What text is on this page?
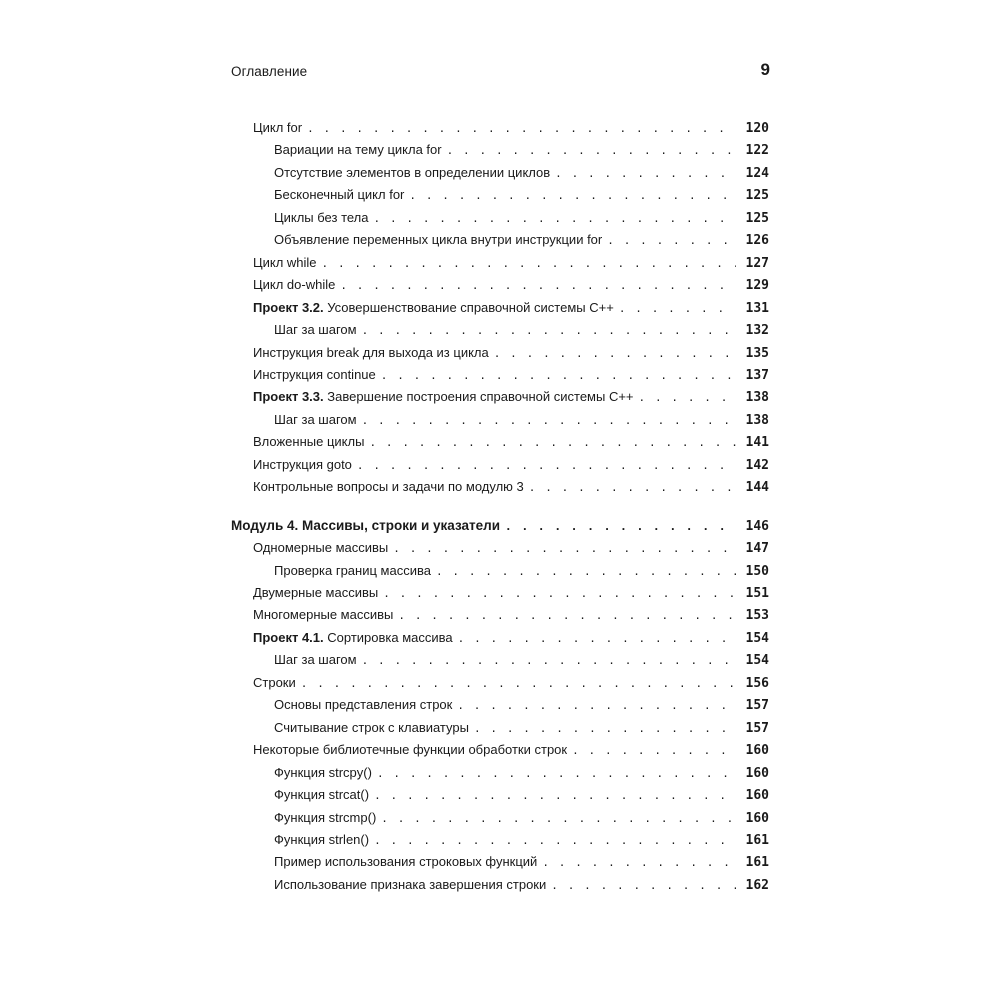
Оглавление	9
Цикл for . . .	120
Вариации на тему цикла for . . .	122
Отсутствие элементов в определении циклов . . .	124
Бесконечный цикл for . . .	125
Циклы без тела . . .	125
Объявление переменных цикла внутри инструкции for . . .	126
Цикл while . . .	127
Цикл do-while . . .	129
Проект 3.2. Усовершенствование справочной системы С++ . . .	131
Шаг за шагом . . .	132
Инструкция break для выхода из цикла . . .	135
Инструкция continue . . .	137
Проект 3.3. Завершение построения справочной системы С++ . . .	138
Шаг за шагом . . .	138
Вложенные циклы . . .	141
Инструкция goto . . .	142
Контрольные вопросы и задачи по модулю 3 . . .	144
Модуль 4. Массивы, строки и указатели . . .	146
Одномерные массивы . . .	147
Проверка границ массива . . .	150
Двумерные массивы . . .	151
Многомерные массивы . . .	153
Проект 4.1. Сортировка массива . . .	154
Шаг за шагом . . .	154
Строки . . .	156
Основы представления строк . . .	157
Считывание строк с клавиатуры . . .	157
Некоторые библиотечные функции обработки строк . . .	160
Функция strcpy() . . .	160
Функция strcat() . . .	160
Функция strcmp() . . .	160
Функция strlen() . . .	161
Пример использования строковых функций . . .	161
Использование признака завершения строки . . .	162
